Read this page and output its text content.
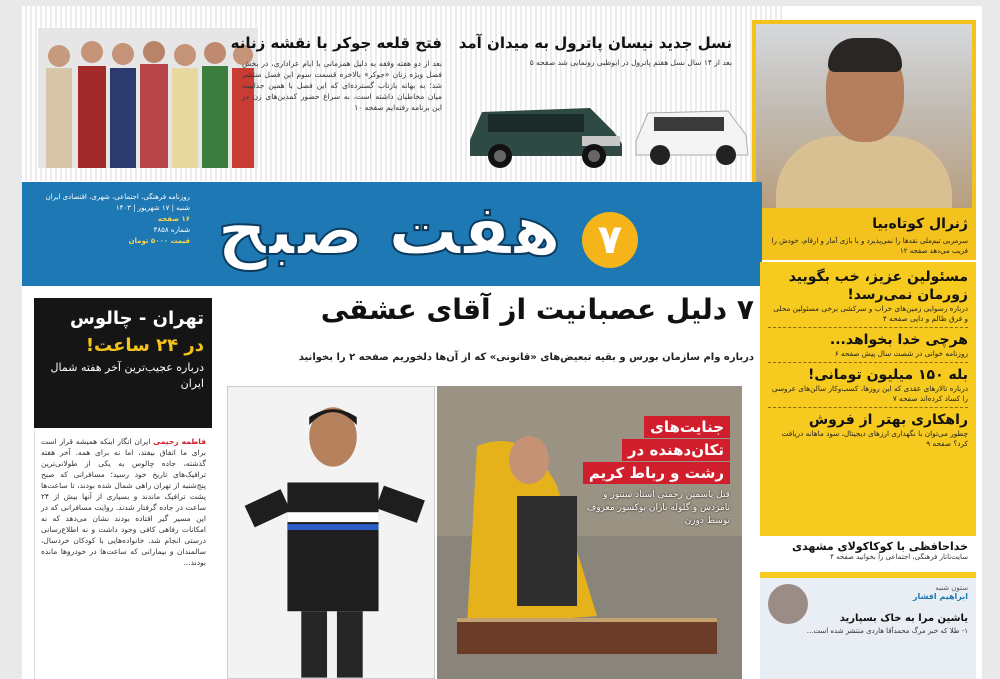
فتح قلعه جوکر با نقشه زنانه
بعد از دو هفته وقفه به دلیل همزمانی با ایام عزاداری، در بخش فصل ویژه زنان «جوکر» بالاخره قسمت سوم این فصل منتشر شد؛ به بهانه بازتاب گسترده‌ای که این فصل با همین جذابیت میان مخاطبان داشته است، به سراغ حضور کمدین‌های زن در این برنامه رفته‌ایم صفحه ۱۰
نسل جدید نیسان پاترول به میدان آمد
بعد از ۱۴ سال نسل هفتم پاترول در ابوظبی رونمایی شد صفحه ۵
ژنرال کوتاه‌بیا
سرمربی تیم‌ملی نقدها را نمی‌پذیرد و با بازی‌ آمار و ارقام، خودش را فریب می‌دهد صفحه ۱۲
هفت صبح ۷
روزنامه فرهنگی، اجتماعی، شهری، اقتصادی ایران
شنبه | ۱۷ شهریور | ۱۴۰۳
۱۶ صفحه
شماره ۴۸۵۸
قیمت ۵۰۰۰ تومان
۷ دلیل عصبانیت از آقای عشقی
درباره وام سازمان بورس و بقیه تبعیض‌های «قانونی» که از آن‌ها دلخوریم صفحه ۲ را بخوانید
تهران - چالوس
در ۲۴ ساعت!
درباره عجیب‌ترین آخر هفته شمال ایران
فاطمه رحیمی ایران انگار اینکه همیشه قرار است برای ما اتفاق بیفتد، اما نه برای همه. آخر هفته گذشته، جاده چالوس به یکی از طولانی‌ترین ترافیک‌های تاریخ خود رسید؛ مسافرانی که صبح پنج‌شنبه از تهران راهی شمال شده بودند، تا ساعت‌ها پشت ترافیک ماندند و بسیاری از آنها بیش از ۲۴ ساعت در جاده گرفتار شدند. روایت مسافرانی که در این مسیر گیر افتاده بودند نشان می‌دهد که نه امکانات رفاهی کافی وجود داشت و نه اطلاع‌رسانی درستی انجام شد. خانواده‌هایی با کودکان خردسال، سالمندان و بیمارانی که ساعت‌ها در خودروها مانده بودند...
جنایت‌های تکان‌دهنده در رشت و رباط کریم
قتل یاسمین رحمتی استاد سنتور و نامزدش و گلوله باران بوکسور معروف توسط دوزن
مسئولین عزیز، خب بگویید زورمان نمی‌رسد!
درباره رسوایی زمین‌های خراب و سرکشی برخی مسئولین محلی و فرق ظالم و دایی صفحه ۴
هرچی خدا بخواهد...
روزنامه خوانی در شصت سال پیش صفحه ۶
بله ۱۵۰ میلیون تومانی!
درباره تالارهای عقدی که این روزها، کسب‌وکار سالن‌های عروسی را کساد کرده‌اند صفحه ۷
راهکاری بهتر از فروش
چطور می‌توان با نگهداری ارزهای دیجیتال، سود ماهانه دریافت کرد؟ صفحه ۹
خداحافظی با کوکاکولای مشهدی
سایت‌تاتار فرهنگی، اجتماعی را بخوانید صفحه ۴
ستون شنبه
ابراهیم افشار
یاشین مرا به خاک بسپارید
۱- طلا که خبر مرگ محمدآقا هاردی منتشر شده است...
